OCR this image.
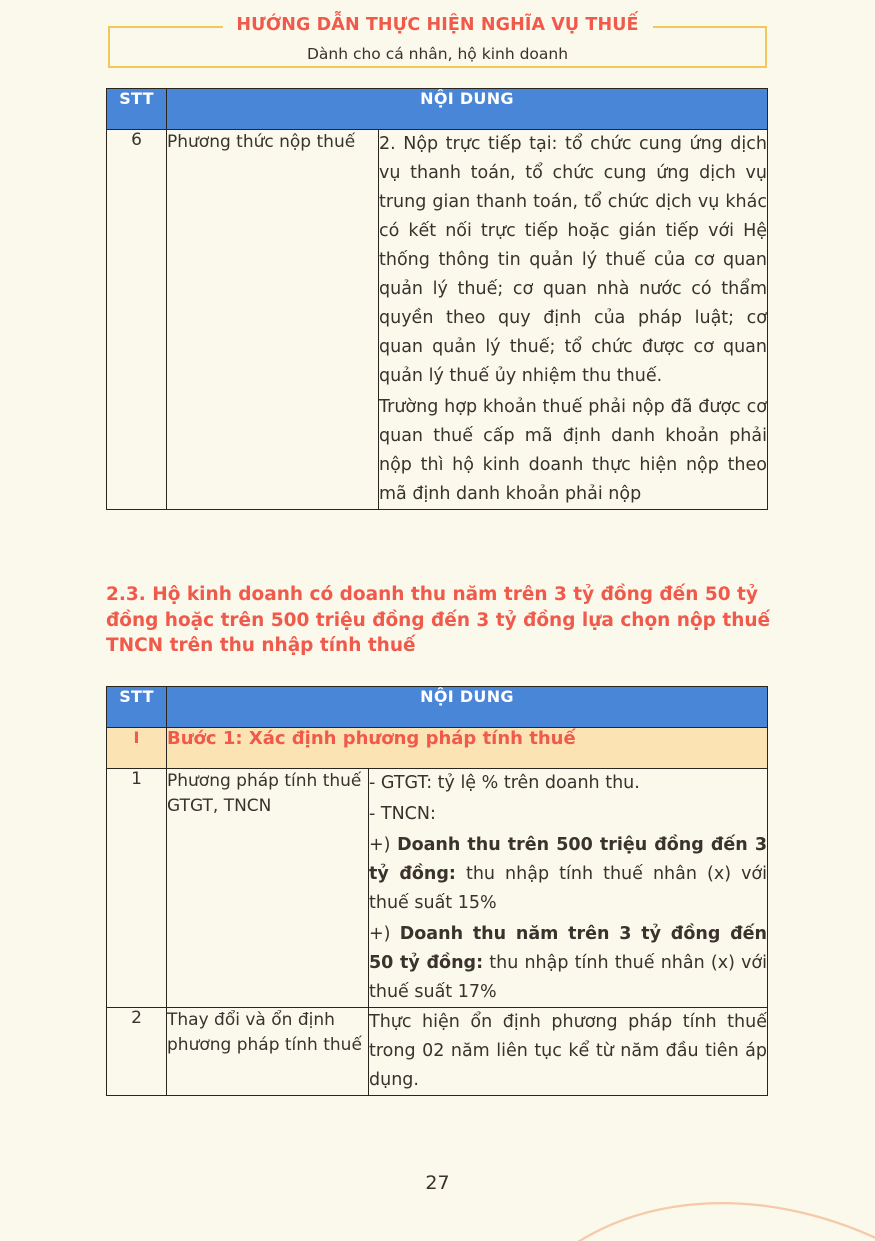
Dành cho cá nhân, hộ kinh doanh
HƯỚNG DẪN THỰC HIỆN NGHĨA VỤ THUẾ
STT	NỘI DUNG	
6	Phương thức nộp thuế	2. Nộp trực tiếp tại: tổ chức cung ứng dịch vụ thanh toán, tổ chức cung ứng dịch vụ trung gian thanh toán, tổ chức dịch vụ khác có kết nối trực tiếp hoặc gián tiếp với Hệ thống thông tin quản lý thuế của cơ quan quản lý thuế; cơ quan nhà nước có thẩm quyền theo quy định của pháp luật; cơ quan quản lý thuế; tổ chức được cơ quan quản lý thuế ủy nhiệm thu thuế.

Trường hợp khoản thuế phải nộp đã được cơ quan thuế cấp mã định danh khoản phải nộp thì hộ kinh doanh thực hiện nộp theo mã định danh khoản phải nộp

2.3. Hộ kinh doanh có doanh thu năm trên 3 tỷ đồng đến 50 tỷ đồng hoặc trên 500 triệu đồng đến 3 tỷ đồng lựa chọn nộp thuế TNCN trên thu nhập tính thuế
STT	NỘI DUNG	
I	Bước 1: Xác định phương pháp tính thuế	
1	Phương pháp tính thuế GTGT, TNCN	- GTGT: tỷ lệ % trên doanh thu.

- TNCN:

+) Doanh thu trên 500 triệu đồng đến 3 tỷ đồng: thu nhập tính thuế nhân (x) với thuế suất 15%

+) Doanh thu năm trên 3 tỷ đồng đến 50 tỷ đồng: thu nhập tính thuế nhân (x) với thuế suất 17%

2	Thay đổi và ổn định phương pháp tính thuế	Thực hiện ổn định phương pháp tính thuế trong 02 năm liên tục kể từ năm đầu tiên áp dụng.
27
